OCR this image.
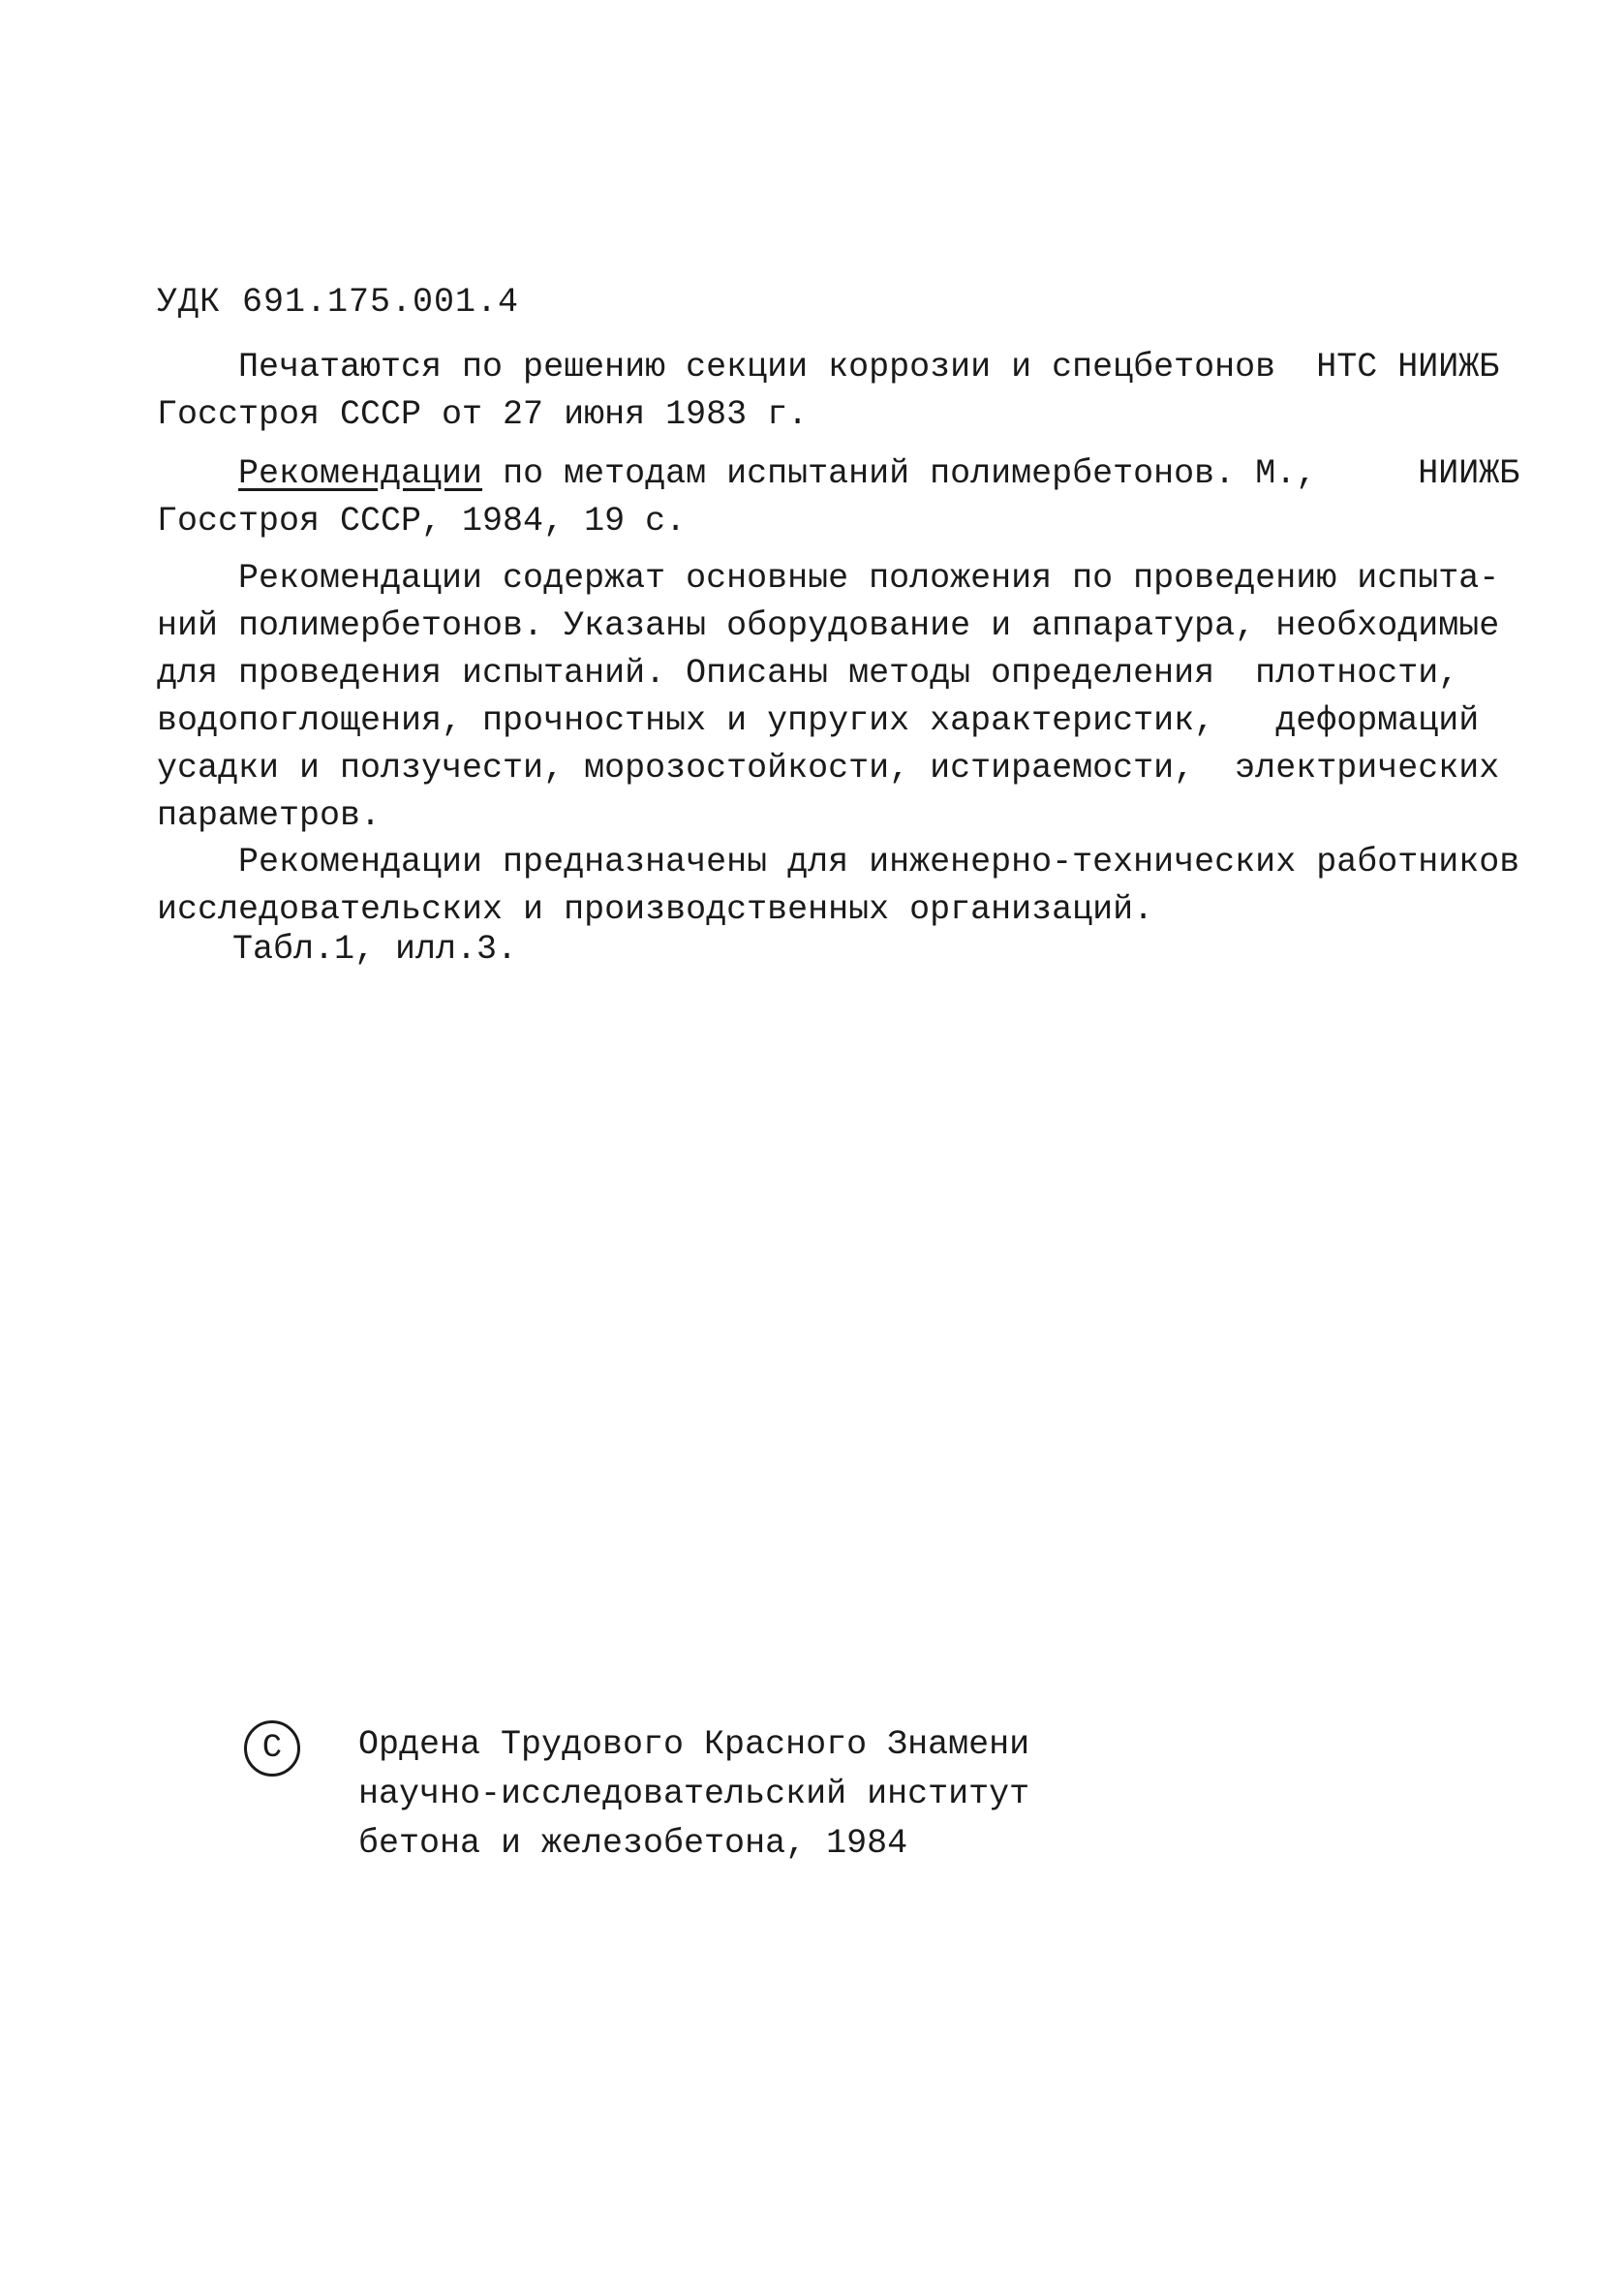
УДК 691.175.001.4
Печатаются по решению секции коррозии и спецбетонов  НТС НИИЖБ
Госстроя СССР от 27 июня 1983 г.
Рекомендации по методам испытаний полимербетонов. М.,     НИИЖБ
Госстроя СССР, 1984, 19 с.
Рекомендации содержат основные положения по проведению испыта-
ний полимербетонов. Указаны оборудование и аппаратура, необходимые
для проведения испытаний. Описаны методы определения  плотности,
водопоглощения, прочностных и упругих характеристик,   деформаций
усадки и ползучести, морозостойкости, истираемости,  электрических
параметров.
Рекомендации предназначены для инженерно-технических работников
исследовательских и производственных организаций.
Табл.1, илл.3.
С Ордена Трудового Красного Знамени
научно-исследовательский институт
бетона и железобетона, 1984
